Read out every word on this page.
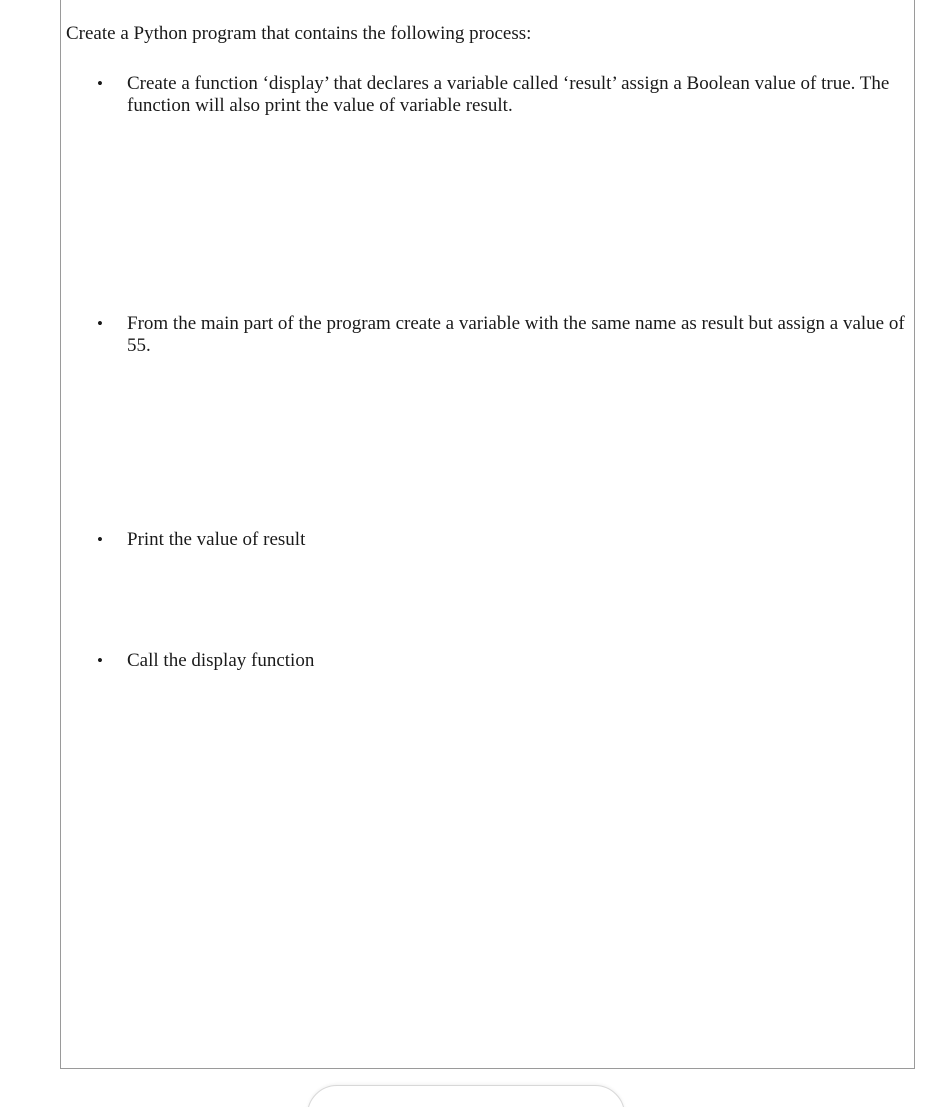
Create a Python program that contains the following process:

•	Create a function ‘display’ that declares a variable called ‘result’ assign a Boolean value of true. The function will also print the value of variable result.

•	From the main part of the program create a variable with the same name as result but assign a value of 55.

•	Print the value of result

•	Call the display function
